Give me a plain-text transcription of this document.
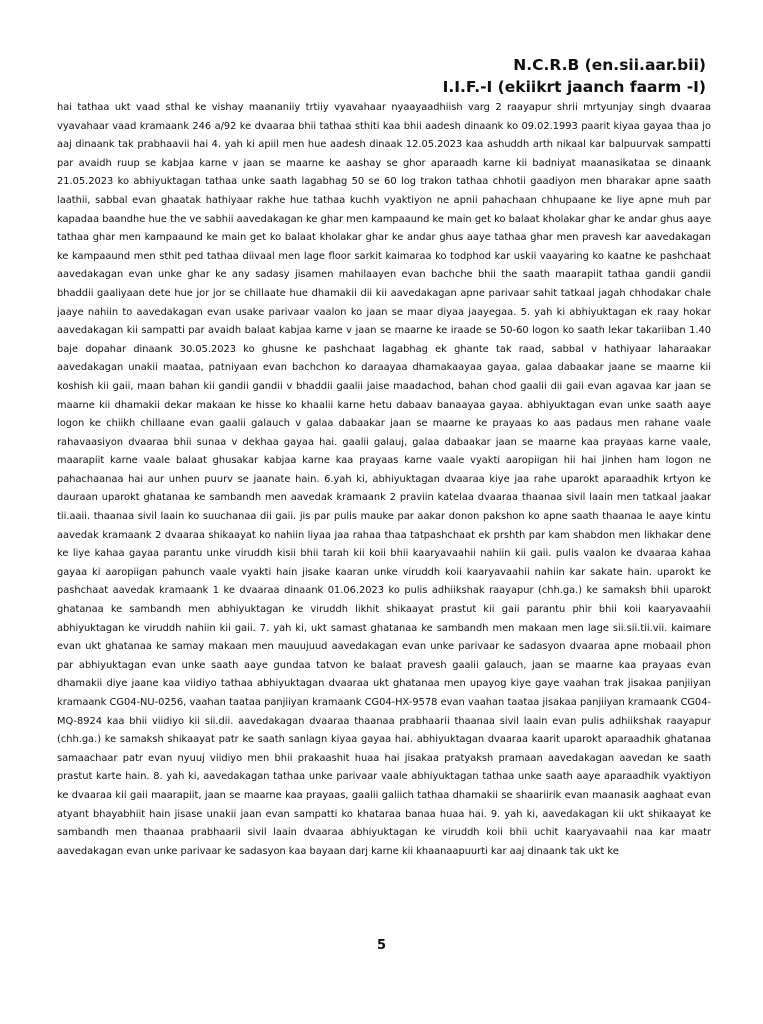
N.C.R.B (en.sii.aar.bii)
I.I.F.-I (ekiikrt jaanch faarm -I)

hai tathaa ukt vaad sthal ke vishay maananiiy trtiiy vyavahaar nyaayaadhiish varg 2 raayapur shrii mrtyunjay singh dvaaraa vyavahaar vaad kramaank 246 a/92 ke dvaaraa bhii tathaa sthiti kaa bhii aadesh dinaank ko 09.02.1993 paarit kiyaa gayaa thaa jo aaj dinaank tak prabhaavii hai 4. yah ki apiil men hue aadesh dinaak 12.05.2023 kaa ashuddh arth nikaal kar balpuurvak sampatti par avaidh ruup se kabjaa karne v jaan se maarne ke aashay se ghor aparaadh karne kii badniyat maanasikataa se dinaank 21.05.2023 ko abhiyuktagan tathaa unke saath lagabhag 50 se 60 log trakon tathaa chhotii gaadiyon men bharakar apne saath laathii, sabbal evan ghaatak hathiyaar rakhe hue tathaa kuchh vyaktiyon ne apnii pahachaan chhupaane ke liye apne muh par kapadaa baandhe hue the ve sabhii aavedakagan ke ghar men kampaaund ke main get ko balaat kholakar ghar ke andar ghus aaye tathaa ghar men kampaaund ke main get ko balaat kholakar ghar ke andar ghus aaye tathaa ghar men pravesh kar aavedakagan ke kampaaund men sthit ped tathaa diivaal men lage floor sarkit kaimaraa ko todphod kar uskii vaayaring ko kaatne ke pashchaat aavedakagan evan unke ghar ke any sadasy jisamen mahilaayen evan bachche bhii the saath maarapiit tathaa gandii gandii bhaddii gaaliyaan dete hue jor jor se chillaate hue dhamakii dii kii aavedakagan apne parivaar sahit tatkaal jagah chhodakar chale jaaye nahiin to aavedakagan evan usake parivaar vaalon ko jaan se maar diyaa jaayegaa. 5. yah ki abhiyuktagan ek raay hokar aavedakagan kii sampatti par avaidh balaat kabjaa karne v jaan se maarne ke iraade se 50-60 logon ko saath lekar takariiban 1.40 baje dopahar dinaank 30.05.2023 ko ghusne ke pashchaat lagabhag ek ghante tak raad, sabbal v hathiyaar laharaakar aavedakagan unakii maataa, patniyaan evan bachchon ko daraayaa dhamakaayaa gayaa, galaa dabaakar jaane se maarne kii koshish kii gaii, maan bahan kii gandii gandii v bhaddii gaalii jaise maadachod, bahan chod gaalii dii gaii evan agavaa kar jaan se maarne kii dhamakii dekar makaan ke hisse ko khaalii karne hetu dabaav banaayaa gayaa. abhiyuktagan evan unke saath aaye logon ke chiikh chillaane evan gaalii galauch v galaa dabaakar jaan se maarne ke prayaas ko aas padaus men rahane vaale rahavaasiyon dvaaraa bhii sunaa v dekhaa gayaa hai. gaalii galauj, galaa dabaakar jaan se maarne kaa prayaas karne vaale, maarapiit karne vaale balaat ghusakar kabjaa karne kaa prayaas karne vaale vyakti aaropiigan hii hai jinhen ham logon ne pahachaanaa hai aur unhen puurv se jaanate hain. 6.yah ki, abhiyuktagan dvaaraa kiye jaa rahe uparokt aparaadhik krtyon ke dauraan uparokt ghatanaa ke sambandh men aavedak kramaank 2 praviin katelaa dvaaraa thaanaa sivil laain men tatkaal jaakar tii.aaii. thaanaa sivil laain ko suuchanaa dii gaii. jis par pulis mauke par aakar donon pakshon ko apne saath thaanaa le aaye kintu aavedak kramaank 2 dvaaraa shikaayat ko nahiin liyaa jaa rahaa thaa tatpashchaat ek prshth par kam shabdon men likhakar dene ke liye kahaa gayaa parantu unke viruddh kisii bhii tarah kii koii bhii kaaryavaahii nahiin kii gaii. pulis vaalon ke dvaaraa kahaa gayaa ki aaropiigan pahunch vaale vyakti hain jisake kaaran unke viruddh koii kaaryavaahii nahiin kar sakate hain. uparokt ke pashchaat aavedak kramaank 1 ke dvaaraa dinaank 01.06.2023 ko pulis adhiikshak raayapur (chh.ga.) ke samaksh bhii uparokt ghatanaa ke sambandh men abhiyuktagan ke viruddh likhit shikaayat prastut kii gaii parantu phir bhii koii kaaryavaahii abhiyuktagan ke viruddh nahiin kii gaii. 7. yah ki, ukt samast ghatanaa ke sambandh men makaan men lage sii.sii.tii.vii. kaimare evan ukt ghatanaa ke samay makaan men mauujuud aavedakagan evan unke parivaar ke sadasyon dvaaraa apne mobaail phon par abhiyuktagan evan unke saath aaye gundaa tatvon ke balaat pravesh gaalii galauch, jaan se maarne kaa prayaas evan dhamakii diye jaane kaa viidiyo tathaa abhiyuktagan dvaaraa ukt ghatanaa men upayog kiye gaye vaahan trak jisakaa panjiiyan kramaank CG04-NU-0256, vaahan taataa panjiiyan kramaank CG04-HX-9578 evan vaahan taataa jisakaa panjiiyan kramaank CG04-MQ-8924 kaa bhii viidiyo kii sii.dii. aavedakagan dvaaraa thaanaa prabhaarii thaanaa sivil laain evan pulis adhiikshak raayapur (chh.ga.) ke samaksh shikaayat patr ke saath sanlagn kiyaa gayaa hai. abhiyuktagan dvaaraa kaarit uparokt aparaadhik ghatanaa samaachaar patr evan nyuuj viidiyo men bhii prakaashit huaa hai jisakaa pratyaksh pramaan aavedakagan aavedan ke saath prastut karte hain. 8. yah ki, aavedakagan tathaa unke parivaar vaale abhiyuktagan tathaa unke saath aaye aparaadhik vyaktiyon ke dvaaraa kii gaii maarapiit, jaan se maarne kaa prayaas, gaalii galiich tathaa dhamakii se shaariirik evan maanasik aaghaat evan atyant bhayabhiit hain jisase unakii jaan evan sampatti ko khataraa banaa huaa hai. 9. yah ki, aavedakagan kii ukt shikaayat ke sambandh men thaanaa prabhaarii sivil laain dvaaraa abhiyuktagan ke viruddh koii bhii uchit kaaryavaahii naa kar maatr aavedakagan evan unke parivaar ke sadasyon kaa bayaan darj karne kii khaanaapuurti kar aaj dinaank tak ukt ke

5
